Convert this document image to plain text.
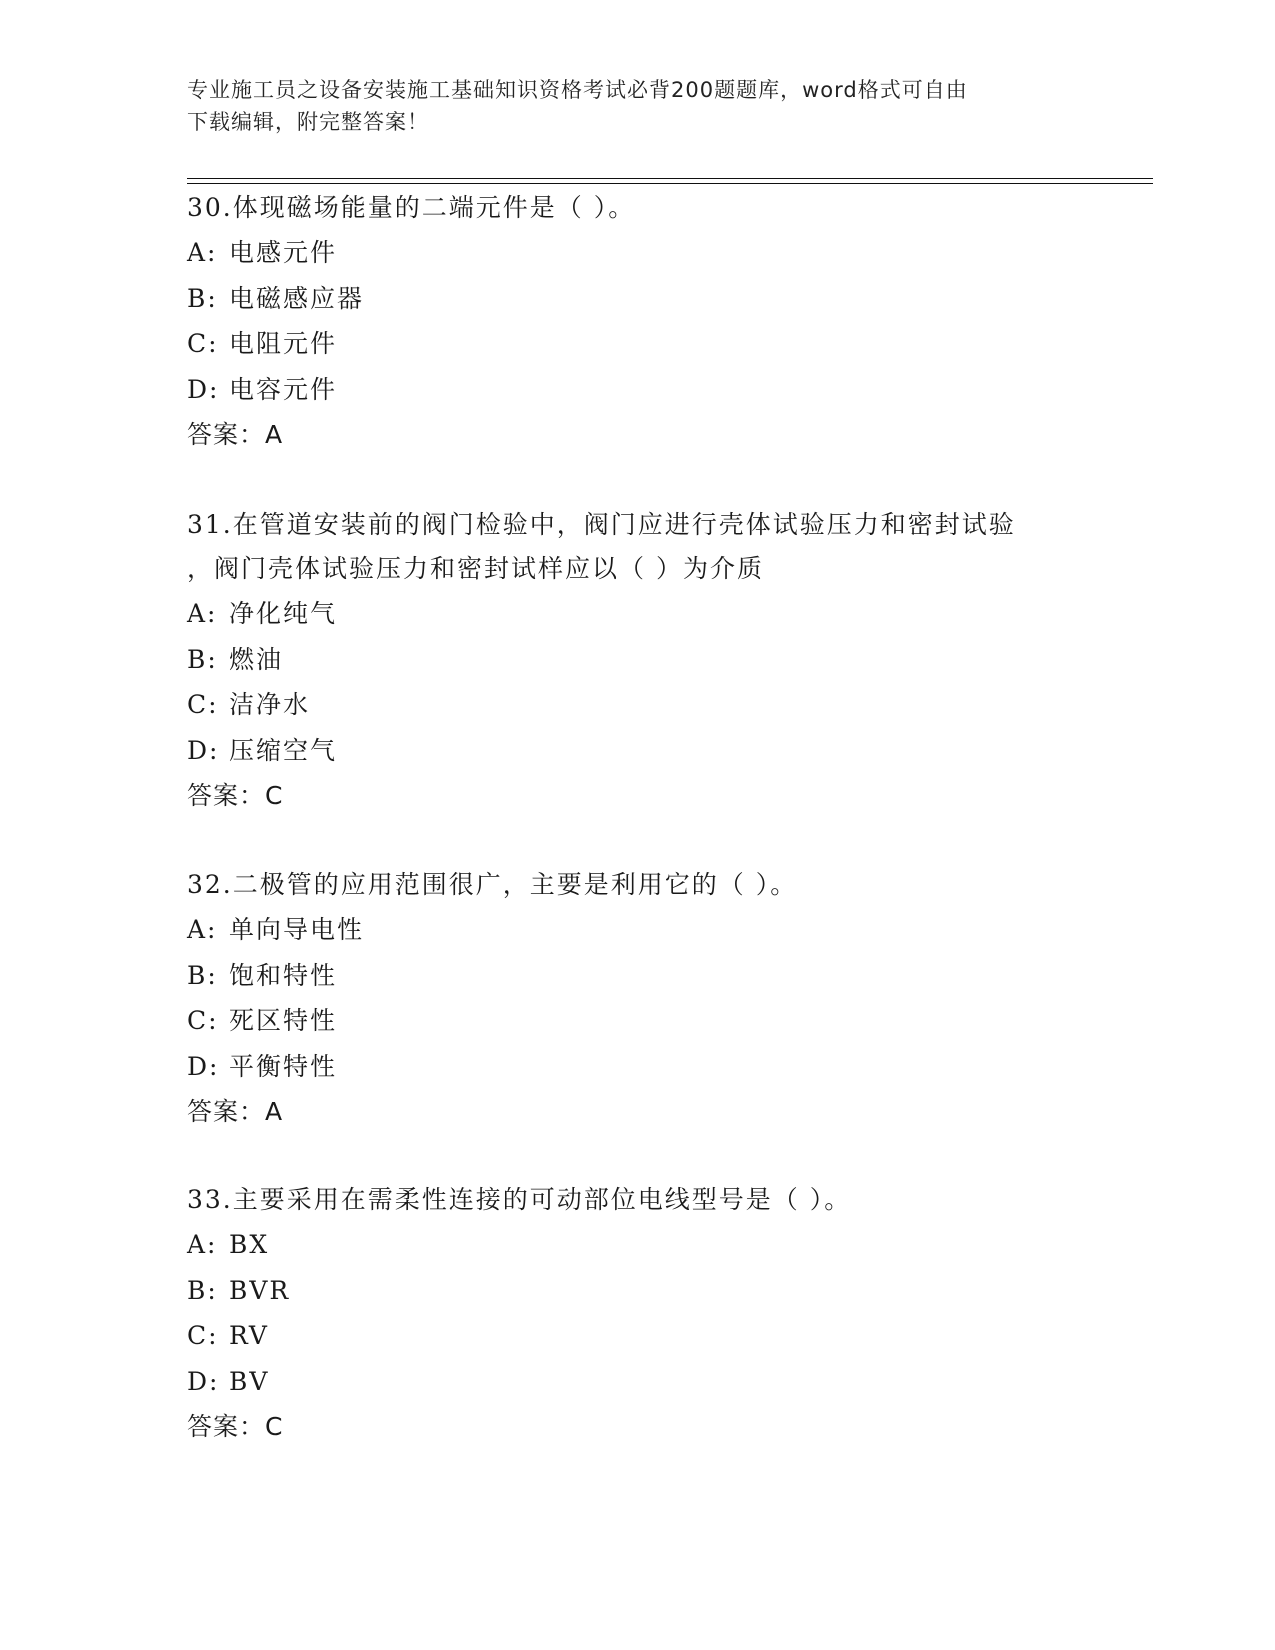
专业施工员之设备安装施工基础知识资格考试必背200题题库，word格式可自由
下载编辑，附完整答案！

30.体现磁场能量的二端元件是（ ）。

A: 电感元件

B: 电磁感应器

C: 电阻元件

D: 电容元件

答案：A

31.在管道安装前的阀门检验中，阀门应进行壳体试验压力和密封试验

，阀门壳体试验压力和密封试样应以（ ）为介质

A: 净化纯气

B: 燃油

C: 洁净水

D: 压缩空气

答案：C

32.二极管的应用范围很广，主要是利用它的（ ）。

A: 单向导电性

B: 饱和特性

C: 死区特性

D: 平衡特性

答案：A

33.主要采用在需柔性连接的可动部位电线型号是（ ）。

A: BX

B: BVR

C: RV

D: BV

答案：C
